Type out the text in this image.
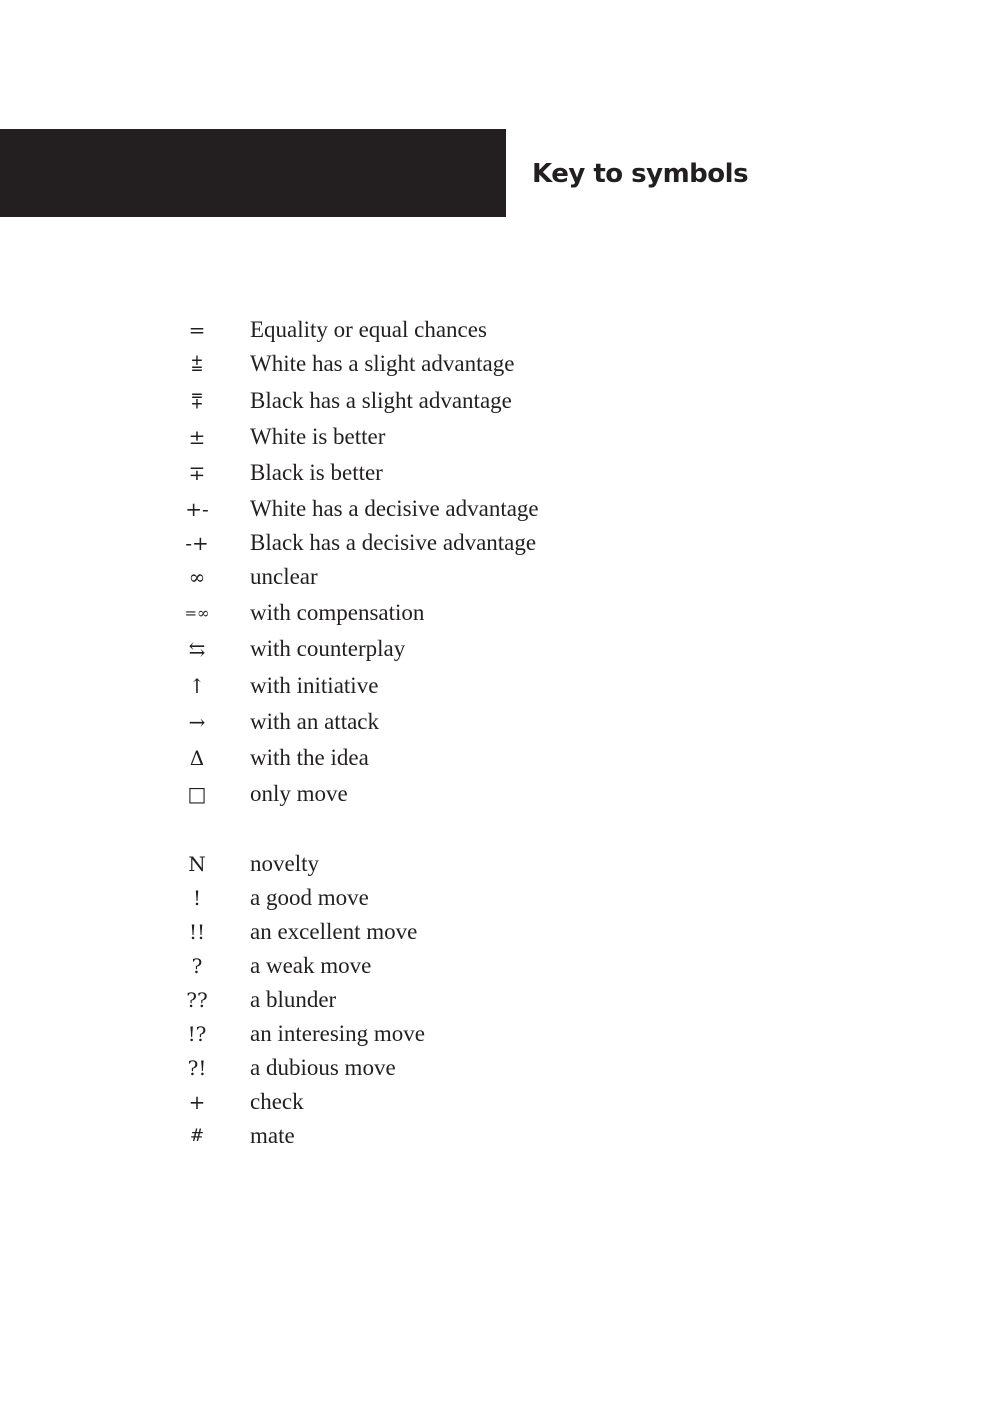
Key to symbols
=	Equality or equal chances
⩲	White has a slight advantage
⩱	Black has a slight advantage
±	White is better
∓	Black is better
+-	White has a decisive advantage
-+	Black has a decisive advantage
∞	unclear
=∞	with compensation
⇆	with counterplay
↑	with initiative
→	with an attack
Δ	with the idea
□	only move
N	novelty
!	a good move
!!	an excellent move
?	a weak move
??	a blunder
!?	an interesing move
?!	a dubious move
+	check
#	mate
